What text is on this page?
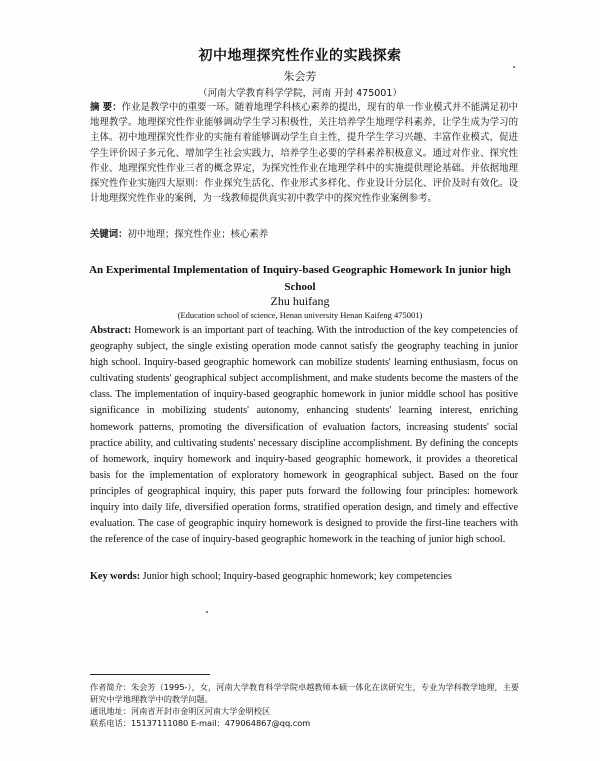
初中地理探究性作业的实践探索
朱会芳
（河南大学教育科学学院，河南 开封 475001）

摘 要：作业是教学中的重要一环。随着地理学科核心素养的提出，现有的单一作业模式并不能满足初中地理教学。地理探究性作业能够调动学生学习积极性，关注培养学生地理学科素养，让学生成为学习的主体。初中地理探究性作业的实施有着能够调动学生自主性，提升学生学习兴趣、丰富作业模式，促进学生评价因子多元化、增加学生社会实践力，培养学生必要的学科素养积极意义。通过对作业、探究性作业、地理探究性作业三者的概念界定，为探究性作业在地理学科中的实施提供理论基础。并依据地理探究性作业实施四大原则：作业探究生活化、作业形式多样化、作业设计分层化、评价及时有效化。设计地理探究性作业的案例，为一线教师提供真实初中教学中的探究性作业案例参考。

关键词：初中地理；探究性作业；核心素养

An Experimental Implementation of Inquiry-based Geographic Homework In junior high School
Zhu huifang
(Education school of science, Henan university Henan Kaifeng 475001)

Abstract: Homework is an important part of teaching. With the introduction of the key competencies of geography subject, the single existing operation mode cannot satisfy the geography teaching in junior high school. Inquiry-based geographic homework can mobilize students' learning enthusiasm, focus on cultivating students' geographical subject accomplishment, and make students become the masters of the class. The implementation of inquiry-based geographic homework in junior middle school has positive significance in mobilizing students' autonomy, enhancing students' learning interest, enriching homework patterns, promoting the diversification of evaluation factors, increasing students' social practice ability, and cultivating students' necessary discipline accomplishment. By defining the concepts of homework, inquiry homework and inquiry-based geographic homework, it provides a theoretical basis for the implementation of exploratory homework in geographical subject. Based on the four principles of geographical inquiry, this paper puts forward the following four principles: homework inquiry into daily life, diversified operation forms, stratified operation design, and timely and effective evaluation. The case of geographic inquiry homework is designed to provide the first-line teachers with the reference of the case of inquiry-based geographic homework in the teaching of junior high school.

Key words: Junior high school; Inquiry-based geographic homework; key competencies

作者简介：朱会芳（1995-），女，河南大学教育科学学院卓越教师本硕一体化在读研究生，专业为学科教学地理，主要研究中学地理教学中的教学问题。
通讯地址：河南省开封市金明区河南大学金明校区
联系电话：15137111080 E-mail：479064867@qq.com
